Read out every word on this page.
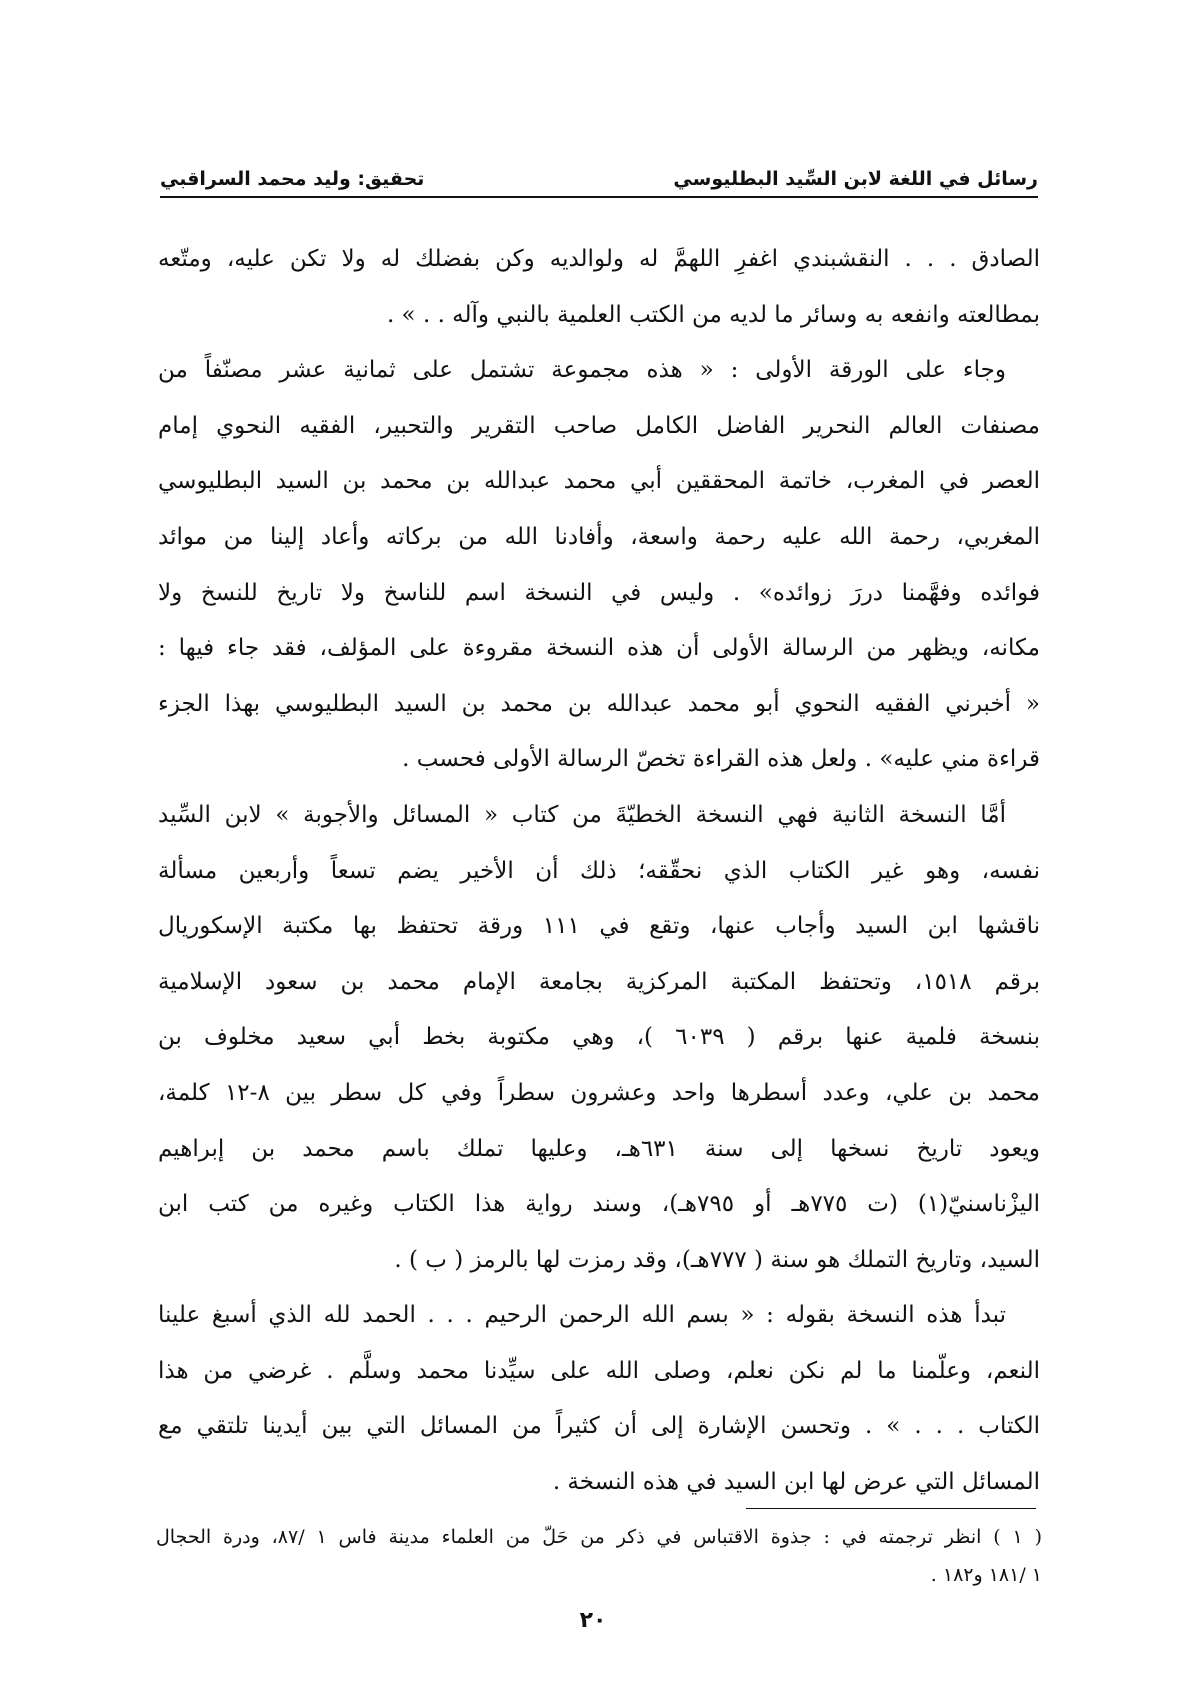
رسائل في اللغة لابن السِّيد البطليوسي
تحقيق: وليد محمد السراقبي
الصادق . . . النقشبندي اغفرِ اللهمَّ له ولوالديه وكن بفضلك له ولا تكن عليه، ومتّعه
بمطالعته وانفعه به وسائر ما لديه من الكتب العلمية بالنبي وآله . . » .
وجاء على الورقة الأولى : « هذه مجموعة تشتمل على ثمانية عشر مصنّفاً من
مصنفات العالم النحرير الفاضل الكامل صاحب التقرير والتحبير، الفقيه النحوي إمام
العصر في المغرب، خاتمة المحققين أبي محمد عبدالله بن محمد بن السيد البطليوسي
المغربي، رحمة الله عليه رحمة واسعة، وأفادنا الله من بركاته وأعاد إلينا من موائد
فوائده وفهَّمنا دررَ زوائده» . وليس في النسخة اسم للناسخ ولا تاريخ للنسخ ولا
مكانه، ويظهر من الرسالة الأولى أن هذه النسخة مقروءة على المؤلف، فقد جاء فيها :
« أخبرني الفقيه النحوي أبو محمد عبدالله بن محمد بن السيد البطليوسي بهذا الجزء
قراءة مني عليه» . ولعل هذه القراءة تخصّ الرسالة الأولى فحسب .
أمَّا النسخة الثانية فهي النسخة الخطيّةَ من كتاب « المسائل والأجوبة » لابن السِّيد
نفسه، وهو غير الكتاب الذي نحقّقه؛ ذلك أن الأخير يضم تسعاً وأربعين مسألة
ناقشها ابن السيد وأجاب عنها، وتقع في ١١١ ورقة تحتفظ بها مكتبة الإسكوريال
برقم ١٥١٨، وتحتفظ المكتبة المركزية بجامعة الإمام محمد بن سعود الإسلامية
بنسخة فلمية عنها برقم ( ٦٠٣٩ )، وهي مكتوبة بخط أبي سعيد مخلوف بن
محمد بن علي، وعدد أسطرها واحد وعشرون سطراً وفي كل سطر بين ٨-١٢ كلمة،
ويعود تاريخ نسخها إلى سنة ٦٣١هـ، وعليها تملك باسم محمد بن إبراهيم
اليزْناسنيّ(١) (ت ٧٧٥هـ أو ٧٩٥هـ)، وسند رواية هذا الكتاب وغيره من كتب ابن
السيد، وتاريخ التملك هو سنة ( ٧٧٧هـ)، وقد رمزت لها بالرمز ( ب ) .
تبدأ هذه النسخة بقوله : « بسم الله الرحمن الرحيم . . . الحمد لله الذي أسبغ علينا
النعم، وعلّمنا ما لم نكن نعلم، وصلى الله على سيِّدنا محمد وسلَّم . غرضي من هذا
الكتاب . . . » . وتحسن الإشارة إلى أن كثيراً من المسائل التي بين أيدينا تلتقي مع
المسائل التي عرض لها ابن السيد في هذه النسخة .
( ١ ) انظر ترجمته في : جذوة الاقتباس في ذكر من حَلّ من العلماء مدينة فاس ١ /٨٧، ودرة الحجال
١ /١٨١ و١٨٢ .
٢٠
